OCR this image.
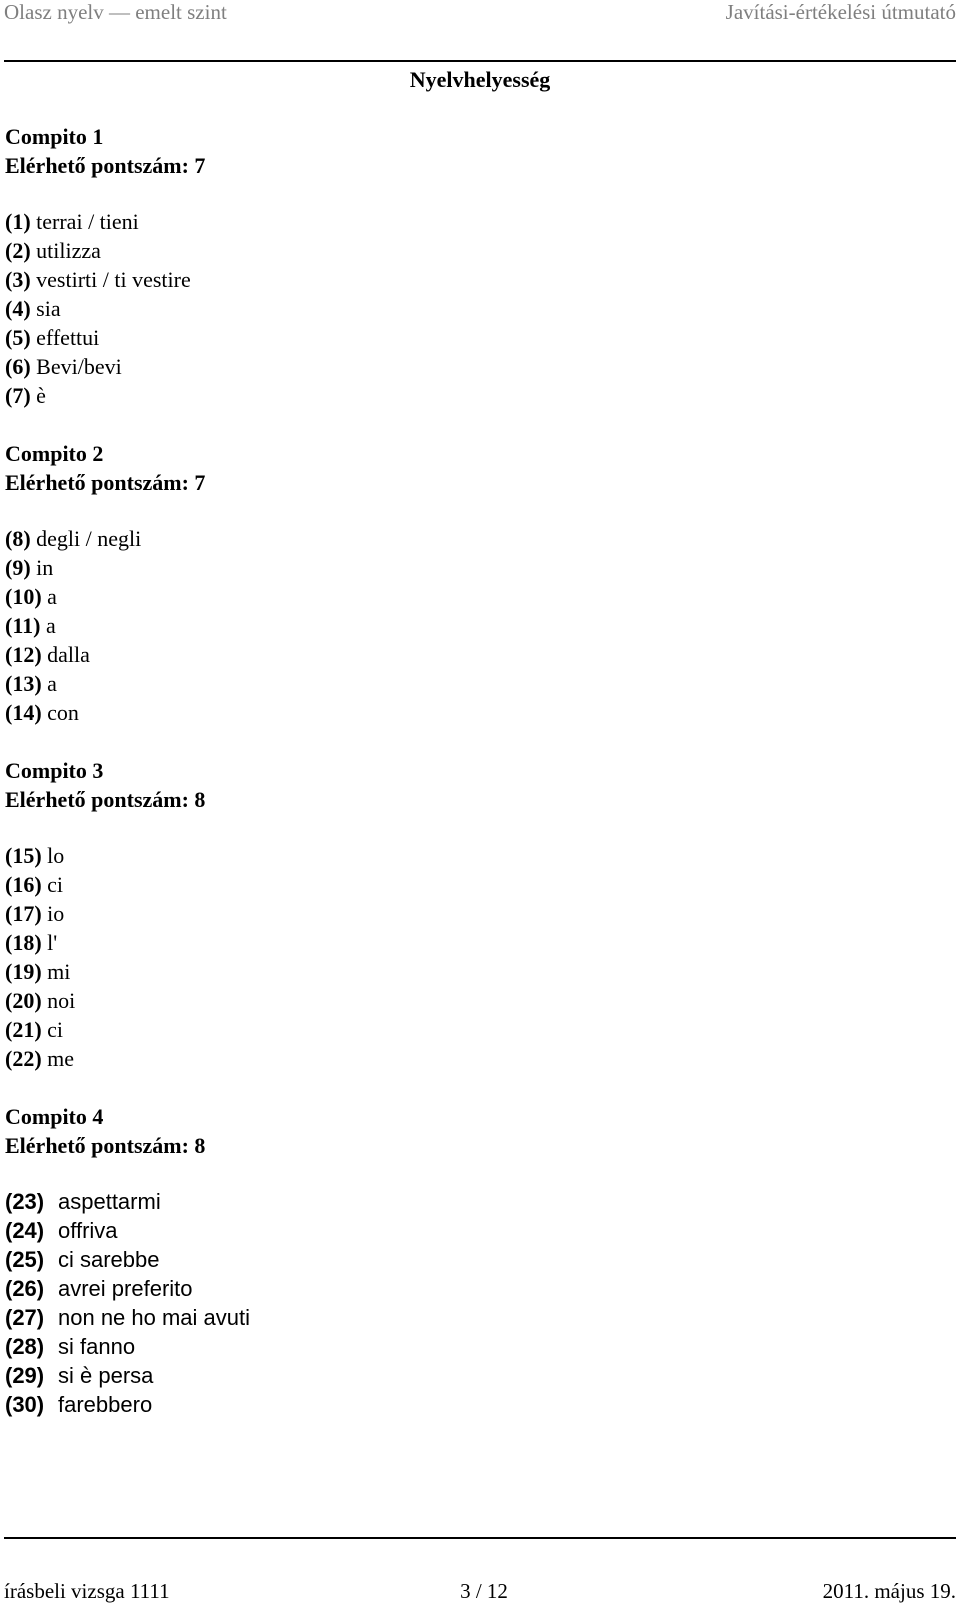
Olasz nyelv — emelt szint	Javítási-értékelési útmutató
Nyelvhelyesség
Compito 1
Elérhető pontszám: 7
(1) terrai / tieni
(2) utilizza
(3) vestirti / ti vestire
(4) sia
(5) effettui
(6) Bevi/bevi
(7) è
Compito 2
Elérhető pontszám: 7
(8) degli / negli
(9) in
(10) a
(11) a
(12) dalla
(13) a
(14) con
Compito 3
Elérhető pontszám: 8
(15) lo
(16) ci
(17) io
(18) l'
(19) mi
(20) noi
(21) ci
(22) me
Compito 4
Elérhető pontszám: 8
(23) aspettarmi
(24) offriva
(25) ci sarebbe
(26) avrei preferito
(27) non ne ho mai avuti
(28) si fanno
(29) si è persa
(30) farebbero
írásbeli vizsga 1111	3 / 12	2011. május 19.
